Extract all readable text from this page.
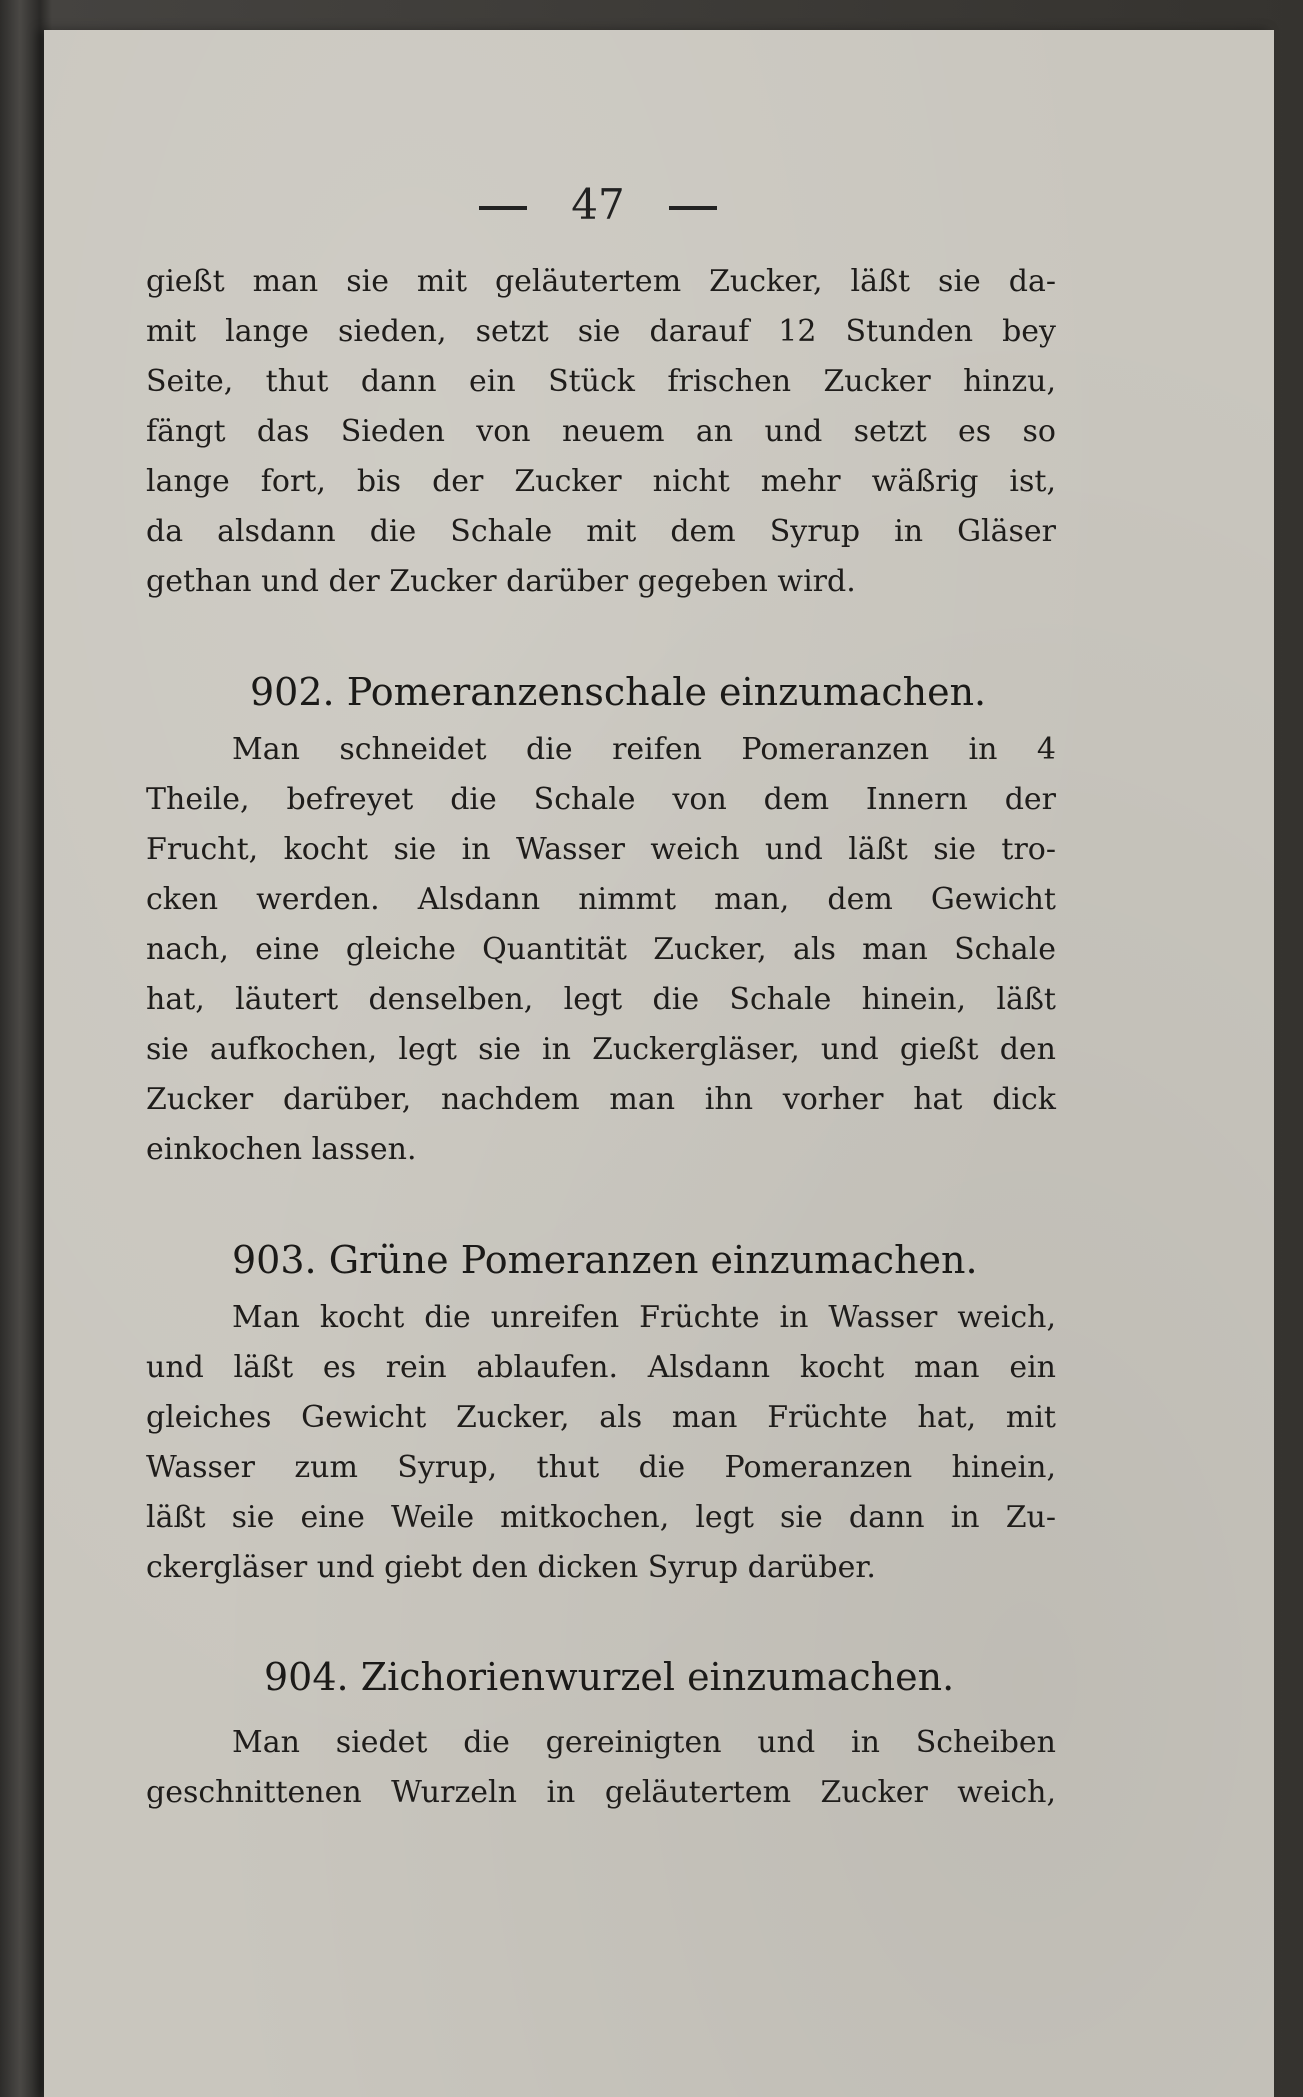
47
gießt man sie mit geläutertem Zucker, läßt sie da-
mit lange sieden, setzt sie darauf 12 Stunden bey
Seite, thut dann ein Stück frischen Zucker hinzu,
fängt das Sieden von neuem an und setzt es so
lange fort, bis der Zucker nicht mehr wäßrig ist,
da alsdann die Schale mit dem Syrup in Gläser
gethan und der Zucker darüber gegeben wird.
902. Pomeranzenschale einzumachen.
Man schneidet die reifen Pomeranzen in 4
Theile, befreyet die Schale von dem Innern der
Frucht, kocht sie in Wasser weich und läßt sie tro-
cken werden. Alsdann nimmt man, dem Gewicht
nach, eine gleiche Quantität Zucker, als man Schale
hat, läutert denselben, legt die Schale hinein, läßt
sie aufkochen, legt sie in Zuckergläser, und gießt den
Zucker darüber, nachdem man ihn vorher hat dick
einkochen lassen.
903. Grüne Pomeranzen einzumachen.
Man kocht die unreifen Früchte in Wasser weich,
und läßt es rein ablaufen. Alsdann kocht man ein
gleiches Gewicht Zucker, als man Früchte hat, mit
Wasser zum Syrup, thut die Pomeranzen hinein,
läßt sie eine Weile mitkochen, legt sie dann in Zu-
ckergläser und giebt den dicken Syrup darüber.
904. Zichorienwurzel einzumachen.
Man siedet die gereinigten und in Scheiben
geschnittenen Wurzeln in geläutertem Zucker weich,
